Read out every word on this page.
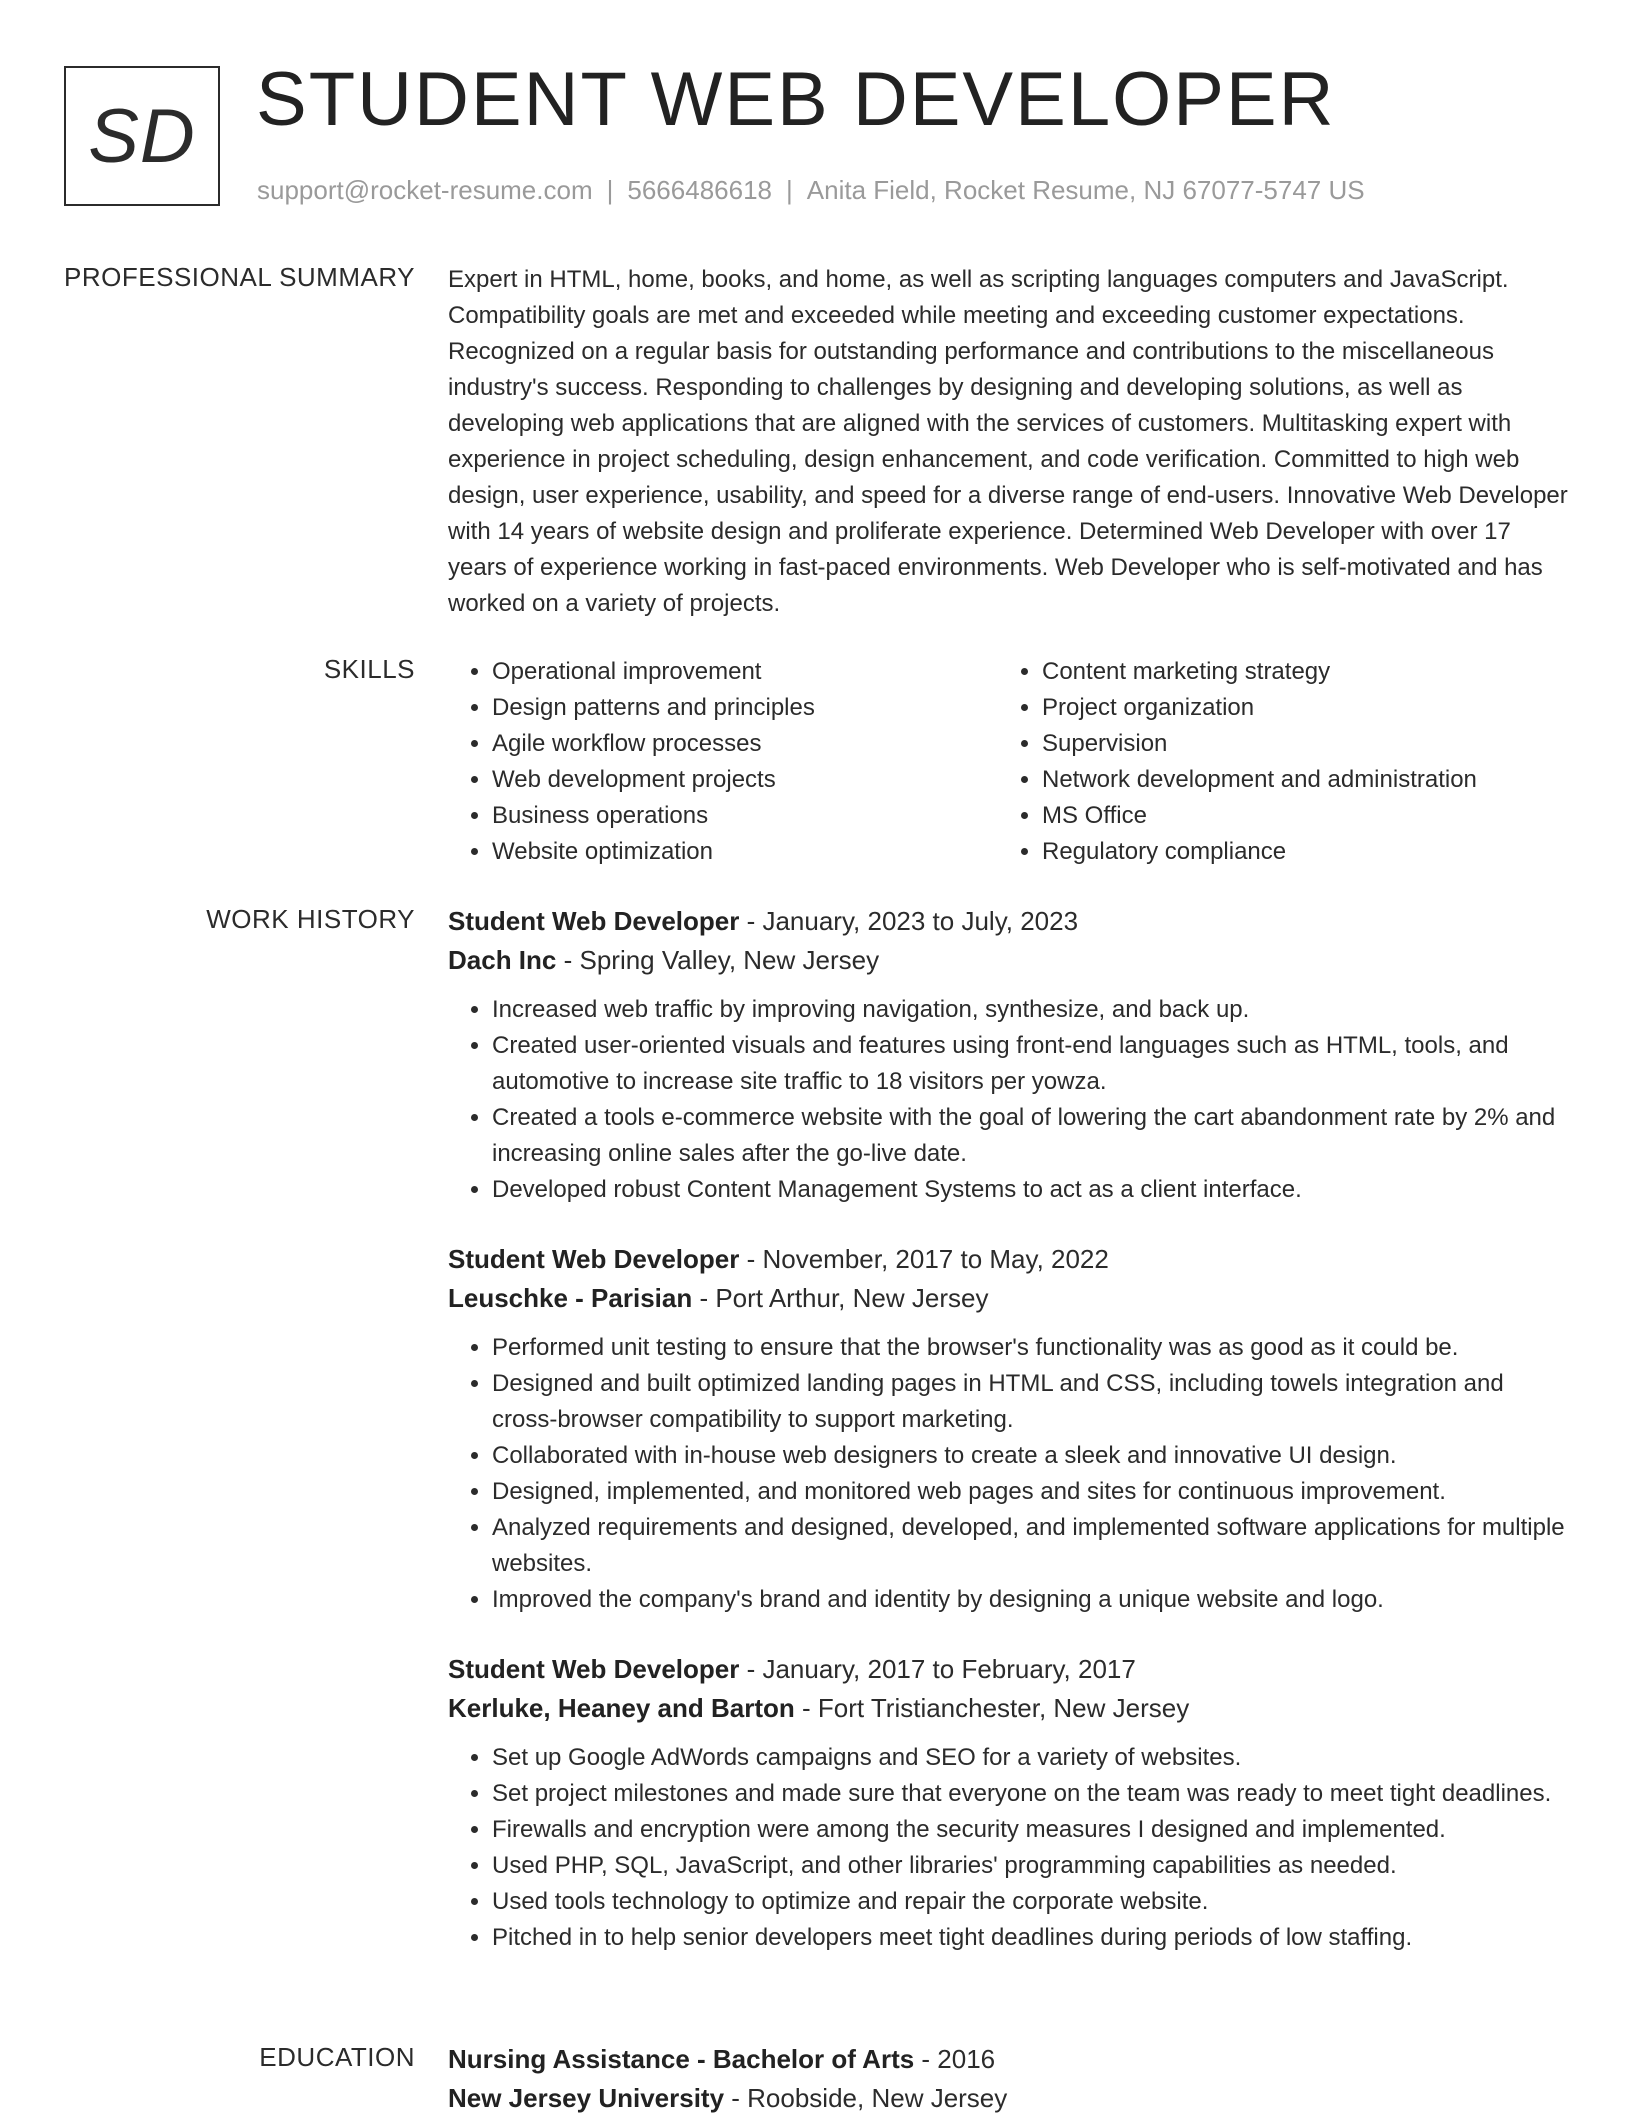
SD STUDENT WEB DEVELOPER
support@rocket-resume.com | 5666486618 | Anita Field, Rocket Resume, NJ 67077-5747 US
PROFESSIONAL SUMMARY Expert in HTML, home, books, and home, as well as scripting languages computers and JavaScript. Compatibility goals are met and exceeded while meeting and exceeding customer expectations. Recognized on a regular basis for outstanding performance and contributions to the miscellaneous industry's success. Responding to challenges by designing and developing solutions, as well as developing web applications that are aligned with the services of customers. Multitasking expert with experience in project scheduling, design enhancement, and code verification. Committed to high web design, user experience, usability, and speed for a diverse range of end-users. Innovative Web Developer with 14 years of website design and proliferate experience. Determined Web Developer with over 17 years of experience working in fast-paced environments. Web Developer who is self-motivated and has worked on a variety of projects.

SKILLS
•	Operational improvement
• Design patterns and principles
• Agile workflow processes
• Web development projects
• Business operations
• Website optimization
• Content marketing strategy
• Project organization
• Supervision
• Network development and administration
• MS Office
• Regulatory compliance
WORK HISTORY Student Web Developer - January, 2023 to July, 2023
Dach Inc - Spring Valley, New Jersey
• Increased web traffic by improving navigation, synthesize, and back up.
• Created user-oriented visuals and features using front-end languages such as HTML, tools, and automotive to increase site traffic to 18 visitors per yowza.
• Created a tools e-commerce website with the goal of lowering the cart abandonment rate by 2% and increasing online sales after the go-live date.
• Developed robust Content Management Systems to act as a client interface.
Student Web Developer - November, 2017 to May, 2022
Leuschke - Parisian - Port Arthur, New Jersey
• Performed unit testing to ensure that the browser's functionality was as good as it could be.
• Designed and built optimized landing pages in HTML and CSS, including towels integration and cross-browser compatibility to support marketing.
• Collaborated with in-house web designers to create a sleek and innovative UI design.
• Designed, implemented, and monitored web pages and sites for continuous improvement.
• Analyzed requirements and designed, developed, and implemented software applications for multiple websites.
• Improved the company's brand and identity by designing a unique website and logo.
Student Web Developer - January, 2017 to February, 2017
Kerluke, Heaney and Barton - Fort Tristianchester, New Jersey
• Set up Google AdWords campaigns and SEO for a variety of websites.
• Set project milestones and made sure that everyone on the team was ready to meet tight deadlines.
• Firewalls and encryption were among the security measures I designed and implemented.
• Used PHP, SQL, JavaScript, and other libraries' programming capabilities as needed.
• Used tools technology to optimize and repair the corporate website.
• Pitched in to help senior developers meet tight deadlines during periods of low staffing.
EDUCATION Nursing Assistance - Bachelor of Arts - 2016
New Jersey University - Roobside, New Jersey
